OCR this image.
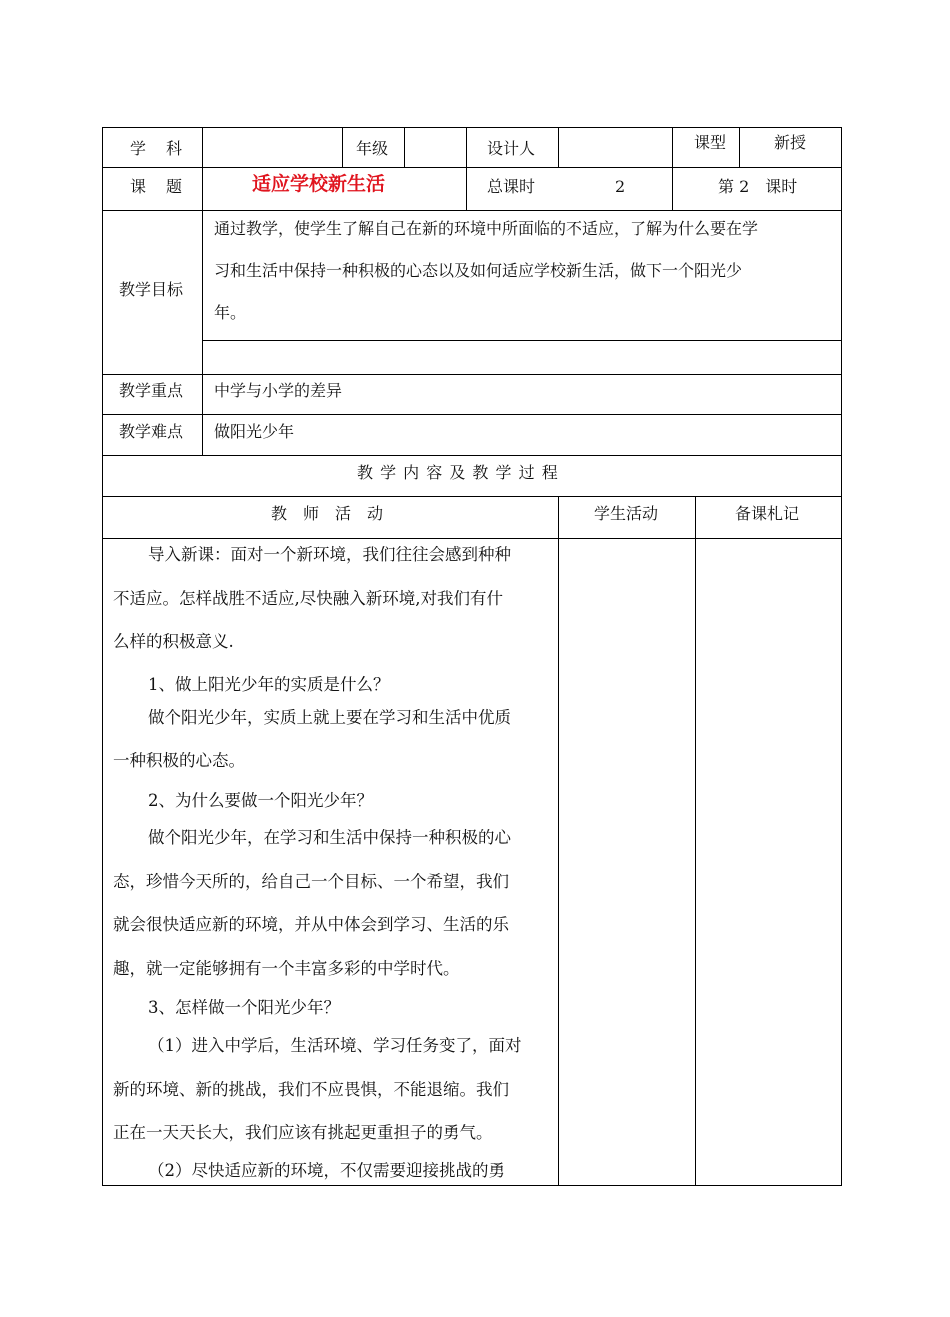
学　科	年级	设计人	课型	新授
课　题	适应学校新生活	总课时	2	第 2　课时
教学目标
通过教学，使学生了解自己在新的环境中所面临的不适应，了解为什么要在学
习和生活中保持一种积极的心态以及如何适应学校新生活，做下一个阳光少
年。
教学重点 中学与小学的差异
教学难点 做阳光少年
教 学 内 容 及 教 学 过 程
教　师　活　动	学生活动	备课札记
导入新课：面对一个新环境，我们往往会感到种种
不适应。怎样战胜不适应,尽快融入新环境,对我们有什
么样的积极意义.
1、做上阳光少年的实质是什么？
做个阳光少年，实质上就上要在学习和生活中优质
一种积极的心态。
2、为什么要做一个阳光少年？
做个阳光少年，在学习和生活中保持一种积极的心
态，珍惜今天所的，给自己一个目标、一个希望，我们
就会很快适应新的环境，并从中体会到学习、生活的乐
趣，就一定能够拥有一个丰富多彩的中学时代。
3、怎样做一个阳光少年？
（1）进入中学后，生活环境、学习任务变了，面对
新的环境、新的挑战，我们不应畏惧，不能退缩。我们
正在一天天长大，我们应该有挑起更重担子的勇气。
（2）尽快适应新的环境，不仅需要迎接挑战的勇
